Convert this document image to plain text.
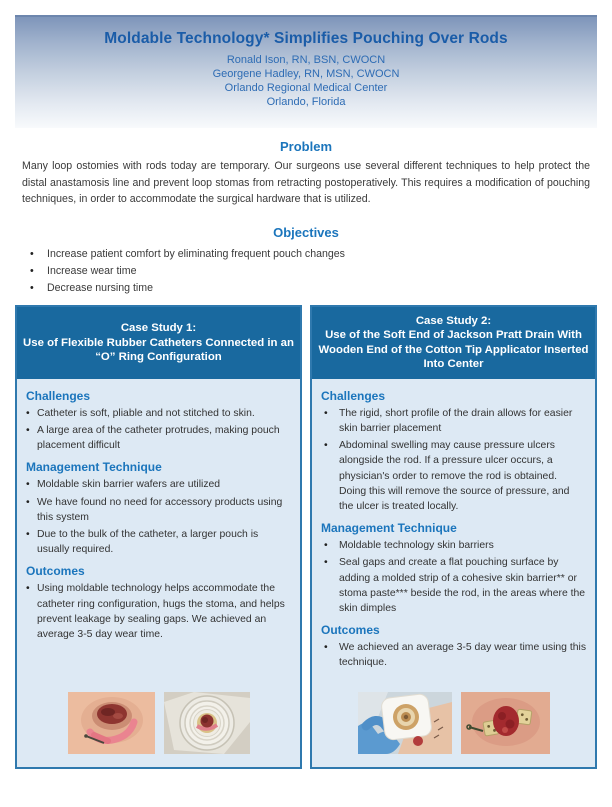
Moldable Technology* Simplifies Pouching Over Rods
Ronald Ison, RN, BSN, CWOCN
Georgene Hadley, RN, MSN, CWOCN
Orlando Regional Medical Center
Orlando, Florida
Problem

Many loop ostomies with rods today are temporary. Our surgeons use several different techniques to help protect the distal anastamosis line and prevent loop stomas from retracting postoperatively. This requires a modification of pouching techniques, in order to accommodate the surgical hardware that is utilized.

Objectives
• Increase patient comfort by eliminating frequent pouch changes
• Increase wear time
• Decrease nursing time
Case Study 1:
Use of Flexible Rubber Catheters Connected in an “O” Ring Configuration
Challenges
• Catheter is soft, pliable and not stitched to skin.
• A large area of the catheter protrudes, making pouch placement difficult
Management Technique
• Moldable skin barrier wafers are utilized
• We have found no need for accessory products using this system
• Due to the bulk of the catheter, a larger pouch is usually required.
Outcomes
• Using moldable technology helps accommodate the catheter ring configuration, hugs the stoma, and helps prevent leakage by sealing gaps. We achieved an average 3-5 day wear time.
Case Study 2:
Use of the Soft End of Jackson Pratt Drain With Wooden End of the Cotton Tip Applicator Inserted Into Center
Challenges
• The rigid, short profile of the drain allows for easier skin barrier placement
• Abdominal swelling may cause pressure ulcers alongside the rod. If a pressure ulcer occurs, a physician's order to remove the rod is obtained. Doing this will remove the source of pressure, and the ulcer is treated locally.
Management Technique
• Moldable technology skin barriers
• Seal gaps and create a flat pouching surface by adding a molded strip of a cohesive skin barrier** or stoma paste*** beside the rod, in the areas where the skin dimples
Outcomes
• We achieved an average 3-5 day wear time using this technique.
